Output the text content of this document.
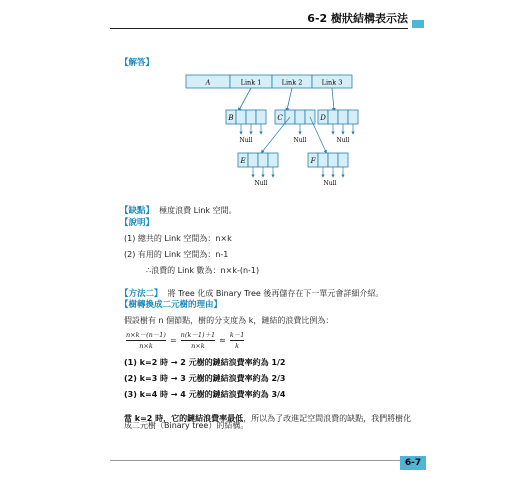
6-2 樹狀結構表示法
【解答】
A	Link 1	Link 2	Link 3
B
Null
C
Null
D
Null
E
Null
F
Null
【缺點】 極度浪費 Link 空間。
【說明】
(1) 總共的 Link 空間為：n×k
(2) 有用的 Link 空間為：n-1
∴浪費的 Link 數為：n×k-(n-1)
【方法二】 將 Tree 化成 Binary Tree 後再儲存在下一單元會詳細介紹。
【樹轉換成二元樹的理由】
假設樹有 n 個節點，樹的分支度為 k，鏈結的浪費比例為：
$\frac{n\times k-(n-1)}{n\times k} = \frac{n(k-1)+1}{n\times k} \approx \frac{k-1}{k}$
(1) k=2 時 → 2 元樹的鏈結浪費率約為 1/2
(2) k=3 時 → 3 元樹的鏈結浪費率約為 2/3
(3) k=4 時 → 4 元樹的鏈結浪費率約為 3/4
當 k=2 時，它的鏈結浪費率最低，所以為了改進記空間浪費的缺點，我們將樹化
成二元樹（Binary tree）的結構。
6-7
